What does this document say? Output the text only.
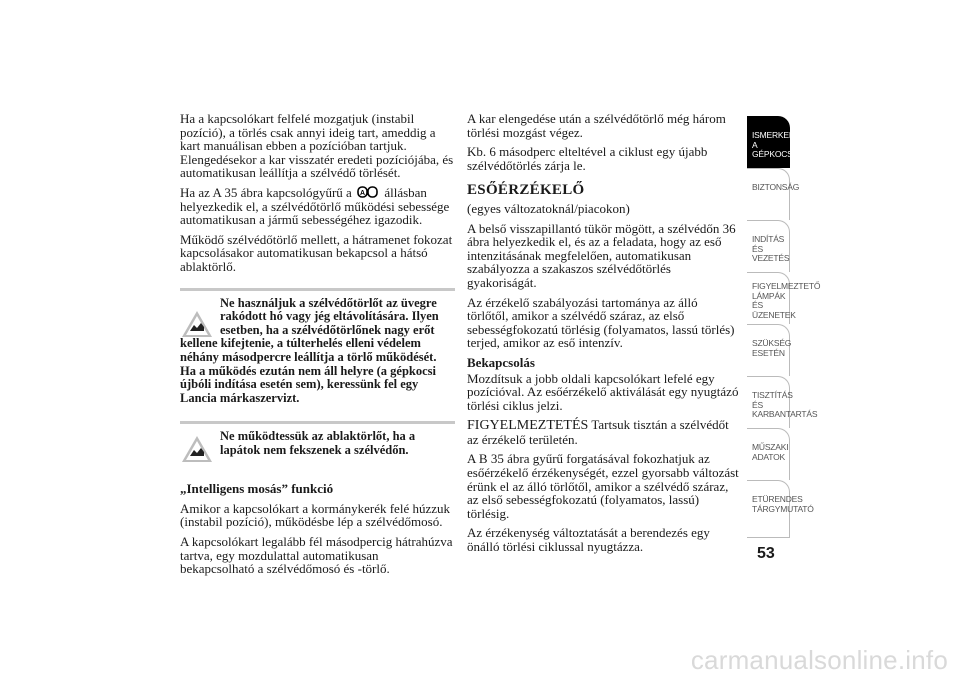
Ha a kapcsolókart felfelé mozgatjuk (instabil pozíció), a törlés csak annyi ideig tart, ameddig a kart manuálisan ebben a pozícióban tartjuk. Elengedésekor a kar visszatér eredeti pozíciójába, és automatikusan leállítja a szélvédő törlését.

Ha az A 35 ábra kapcsológyűrű a A állásban helyezkedik el, a szélvédőtörlő működési sebessége automatikusan a jármű sebességéhez igazodik.

Működő szélvédőtörlő mellett, a hátramenet fokozat kapcsolásakor automatikusan bekapcsol a hátsó ablaktörlő.

Ne használjuk a szélvédőtörlőt az üvegre rakódott hó vagy jég eltávolítására. Ilyen esetben, ha a szélvédőtörlőnek nagy erőt
kellene kifejtenie, a túlterhelés elleni védelem néhány másodpercre leállítja a törlő működését. Ha a működés ezután nem áll helyre (a gépkocsi újbóli indítása esetén sem), keressünk fel egy Lancia márkaszervizt.
Ne működtessük az ablaktörlőt, ha a lapátok nem fekszenek a szélvédőn.

„Intelligens mosás” funkció

Amikor a kapcsolókart a kormánykerék felé húzzuk (instabil pozíció), működésbe lép a szélvédőmosó.

A kapcsolókart legalább fél másodpercig hátrahúzva tartva, egy mozdulattal automatikusan bekapcsolható a szélvédőmosó és -törlő.

A kar elengedése után a szélvédőtörlő még három törlési mozgást végez.

Kb. 6 másodperc elteltével a ciklust egy újabb szélvédőtörlés zárja le.

ESŐÉRZÉKELŐ

(egyes változatoknál/piacokon)

A belső visszapillantó tükör mögött, a szélvédőn 36 ábra helyezkedik el, és az a feladata, hogy az eső intenzitásának megfelelően, automatikusan szabályozza a szakaszos szélvédőtörlés gyakoriságát.

Az érzékelő szabályozási tartománya az álló törlőtől, amikor a szélvédő száraz, az első sebességfokozatú törlésig (folyamatos, lassú törlés) terjed, amikor az eső intenzív.

Bekapcsolás

Mozdítsuk a jobb oldali kapcsolókart lefelé egy pozícióval. Az esőérzékelő aktiválását egy nyugtázó törlési ciklus jelzi.

FIGYELMEZTETÉS Tartsuk tisztán a szélvédőt az érzékelő területén.

A B 35 ábra gyűrű forgatásával fokozhatjuk az esőérzékelő érzékenységét, ezzel gyorsabb változást érünk el az álló törlőtől, amikor a szélvédő száraz, az első sebességfokozatú (folyamatos, lassú) törlésig.

Az érzékenység változtatását a berendezés egy önálló törlési ciklussal nyugtázza.

ISMERKEDÉS A GÉPKOCSIVAL
BIZTONSÁG
INDÍTÁS ÉS VEZETÉS
FIGYELMEZTETŐ LÁMPÁK ÉS ÜZENETEK
SZÜKSÉG ESETÉN
TISZTÍTÁS ÉS KARBANTARTÁS
MŰSZAKI ADATOK
ETÜRENDES TÁRGYMUTATÓ
53
carmanualsonline.info
